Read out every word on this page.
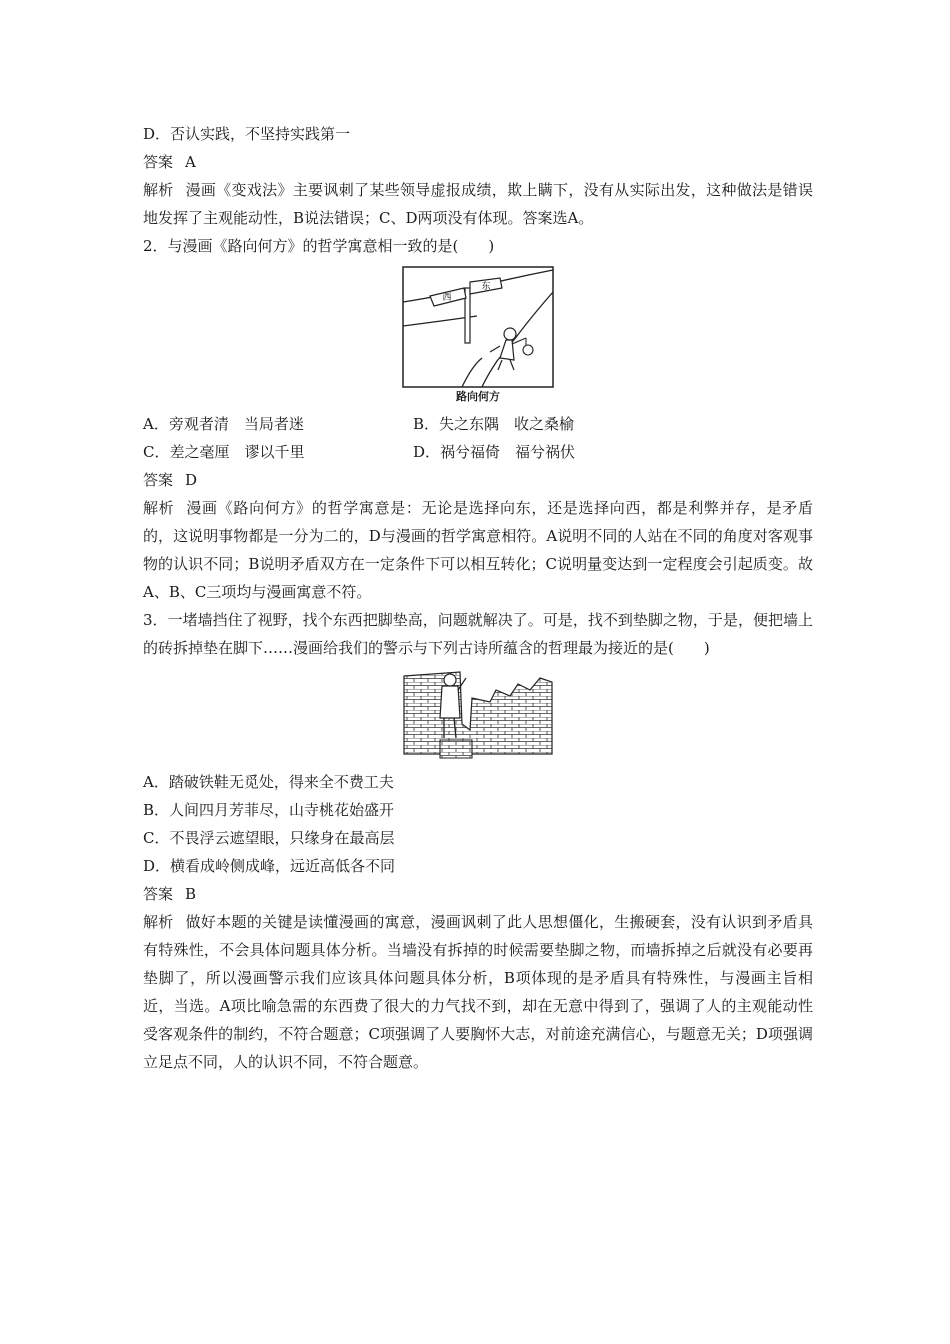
D．否认实践，不坚持实践第一

答案 A

解析 漫画《变戏法》主要讽刺了某些领导虚报成绩，欺上瞒下，没有从实际出发，这种做法是错误地发挥了主观能动性，B说法错误；C、D两项没有体现。答案选A。

2．与漫画《路向何方》的哲学寓意相一致的是(　　)

西
东
路向何方
A．旁观者清　当局者迷	B．失之东隅　收之桑榆
C．差之毫厘　谬以千里	D．祸兮福倚　福兮祸伏

答案 D

解析 漫画《路向何方》的哲学寓意是：无论是选择向东，还是选择向西，都是利弊并存，是矛盾的，这说明事物都是一分为二的，D与漫画的哲学寓意相符。A说明不同的人站在不同的角度对客观事物的认识不同；B说明矛盾双方在一定条件下可以相互转化；C说明量变达到一定程度会引起质变。故A、B、C三项均与漫画寓意不符。

3．一堵墙挡住了视野，找个东西把脚垫高，问题就解决了。可是，找不到垫脚之物，于是，便把墙上的砖拆掉垫在脚下……漫画给我们的警示与下列古诗所蕴含的哲理最为接近的是(　　)

A．踏破铁鞋无觅处，得来全不费工夫

B．人间四月芳菲尽，山寺桃花始盛开

C．不畏浮云遮望眼，只缘身在最高层

D．横看成岭侧成峰，远近高低各不同

答案 B

解析 做好本题的关键是读懂漫画的寓意，漫画讽刺了此人思想僵化，生搬硬套，没有认识到矛盾具有特殊性，不会具体问题具体分析。当墙没有拆掉的时候需要垫脚之物，而墙拆掉之后就没有必要再垫脚了，所以漫画警示我们应该具体问题具体分析，B项体现的是矛盾具有特殊性，与漫画主旨相近，当选。A项比喻急需的东西费了很大的力气找不到，却在无意中得到了，强调了人的主观能动性受客观条件的制约，不符合题意；C项强调了人要胸怀大志，对前途充满信心，与题意无关；D项强调立足点不同，人的认识不同，不符合题意。
